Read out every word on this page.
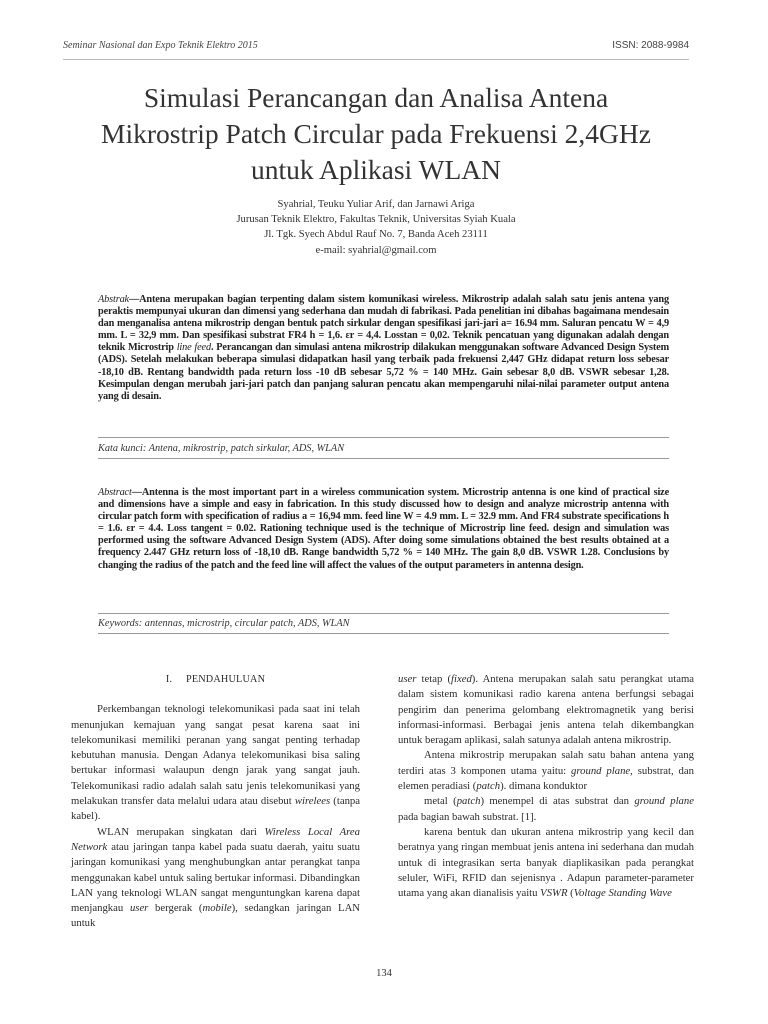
Seminar Nasional dan Expo Teknik Elektro 2015	ISSN: 2088-9984
Simulasi Perancangan dan Analisa Antena
Mikrostrip Patch Circular pada Frekuensi 2,4GHz
untuk Aplikasi WLAN
Syahrial, Teuku Yuliar Arif, dan Jarnawi Ariga
Jurusan Teknik Elektro, Fakultas Teknik, Universitas Syiah Kuala
Jl. Tgk. Syech Abdul Rauf No. 7, Banda Aceh 23111
e-mail: syahrial@gmail.com
Abstrak—Antena merupakan bagian terpenting dalam sistem komunikasi wireless. Mikrostrip adalah salah satu jenis antena yang peraktis mempunyai ukuran dan dimensi yang sederhana dan mudah di fabrikasi. Pada penelitian ini dibahas bagaimana mendesain dan menganalisa antena mikrostrip dengan bentuk patch sirkular dengan spesifikasi jari-jari a= 16.94 mm. Saluran pencatu W = 4,9 mm. L = 32,9 mm. Dan spesifikasi substrat FR4 h = 1,6. εr = 4,4. Losstan = 0,02. Teknik pencatuan yang digunakan adalah dengan teknik Microstrip line feed. Perancangan dan simulasi antena mikrostrip dilakukan menggunakan software Advanced Design System (ADS). Setelah melakukan beberapa simulasi didapatkan hasil yang terbaik pada frekuensi 2,447 GHz didapat return loss sebesar -18,10 dB. Rentang bandwidth pada return loss -10 dB sebesar 5,72 % = 140 MHz. Gain sebesar 8,0 dB. VSWR sebesar 1,28. Kesimpulan dengan merubah jari-jari patch dan panjang saluran pencatu akan mempengaruhi nilai-nilai parameter output antena yang di desain.
Kata kunci: Antena, mikrostrip, patch sirkular, ADS, WLAN
Abstract—Antenna is the most important part in a wireless communication system. Microstrip antenna is one kind of practical size and dimensions have a simple and easy in fabrication. In this study discussed how to design and analyze microstrip antenna with circular patch form with specification of radius a = 16,94 mm. feed line W = 4.9 mm. L = 32.9 mm. And FR4 substrate specifications h = 1.6. εr = 4.4. Loss tangent = 0.02. Rationing technique used is the technique of Microstrip line feed. design and simulation was performed using the software Advanced Design System (ADS). After doing some simulations obtained the best results obtained at a frequency 2.447 GHz return loss of -18,10 dB. Range bandwidth 5,72 % = 140 MHz. The gain 8,0 dB. VSWR 1.28. Conclusions by changing the radius of the patch and the feed line will affect the values of the output parameters in antenna design.
Keywords: antennas, microstrip, circular patch, ADS, WLAN

I. PENDAHULUAN

Perkembangan teknologi telekomunikasi pada saat ini telah menunjukan kemajuan yang sangat pesat karena saat ini telekomunikasi memiliki peranan yang sangat penting terhadap kebutuhan manusia. Dengan Adanya telekomunikasi bisa saling bertukar informasi walaupun dengn jarak yang sangat jauh. Telekomunikasi radio adalah salah satu jenis telekomunikasi yang melakukan transfer data melalui udara atau disebut wirelees (tanpa kabel).

WLAN merupakan singkatan dari Wireless Local Area Network atau jaringan tanpa kabel pada suatu daerah, yaitu suatu jaringan komunikasi yang menghubungkan antar perangkat tanpa menggunakan kabel untuk saling bertukar informasi. Dibandingkan LAN yang teknologi WLAN sangat menguntungkan karena dapat menjangkau user bergerak (mobile), sedangkan jaringan LAN untuk

user tetap (fixed). Antena merupakan salah satu perangkat utama dalam sistem komunikasi radio karena antena berfungsi sebagai pengirim dan penerima gelombang elektromagnetik yang berisi informasi-informasi. Berbagai jenis antena telah dikembangkan untuk beragam aplikasi, salah satunya adalah antena mikrostrip.

Antena mikrostrip merupakan salah satu bahan antena yang terdiri atas 3 komponen utama yaitu: ground plane, substrat, dan elemen peradiasi (patch). dimana konduktor

metal (patch) menempel di atas substrat dan ground plane pada bagian bawah substrat. [1].

karena bentuk dan ukuran antena mikrostrip yang kecil dan beratnya yang ringan membuat jenis antena ini sederhana dan mudah untuk di integrasikan serta banyak diaplikasikan pada perangkat seluler, WiFi, RFID dan sejenisnya . Adapun parameter-parameter utama yang akan dianalisis yaitu VSWR (Voltage Standing Wave

134
